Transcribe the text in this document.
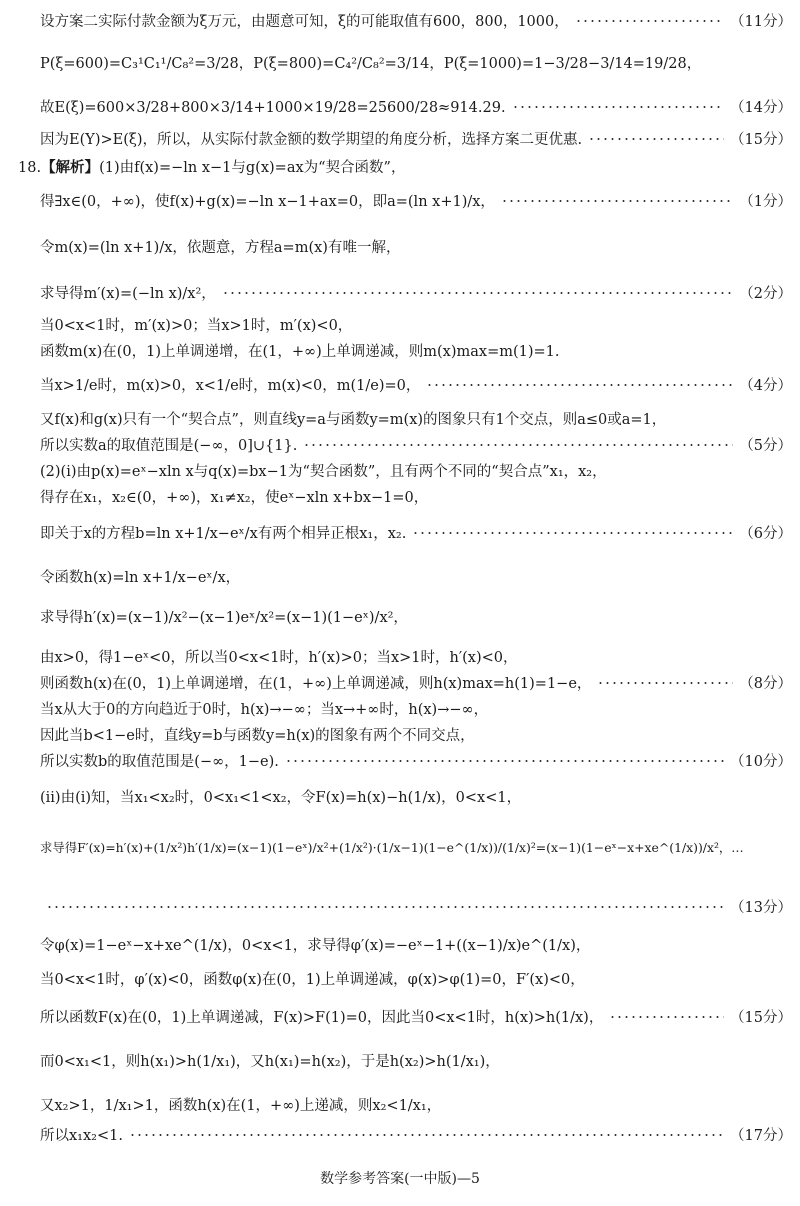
设方案二实际付款金额为ξ万元，由题意可知，ξ的可能取值有600，800，1000，	（11分）
P(ξ=600)=C₃¹C₁¹/C₈²=3/28，P(ξ=800)=C₄²/C₈²=3/14，P(ξ=1000)=1−3/28−3/14=19/28，
故E(ξ)=600×3/28+800×3/14+1000×19/28=25600/28≈914.29.	（14分）
因为E(Y)>E(ξ)，所以，从实际付款金额的数学期望的角度分析，选择方案二更优惠.	（15分）
18.【解析】(1)由f(x)=−ln x−1与g(x)=ax为“契合函数”，
得∃x∈(0，+∞)，使f(x)+g(x)=−ln x−1+ax=0，即a=(ln x+1)/x，	（1分）
令m(x)=(ln x+1)/x，依题意，方程a=m(x)有唯一解，
求导得m′(x)=(−ln x)/x²，	（2分）
当0<x<1时，m′(x)>0；当x>1时，m′(x)<0，
函数m(x)在(0，1)上单调递增，在(1，+∞)上单调递减，则m(x)max=m(1)=1.
当x>1/e时，m(x)>0，x<1/e时，m(x)<0，m(1/e)=0，	（4分）
又f(x)和g(x)只有一个“契合点”，则直线y=a与函数y=m(x)的图象只有1个交点，则a≤0或a=1，
所以实数a的取值范围是(−∞，0]∪{1}.	（5分）
(2)(ⅰ)由p(x)=eˣ−xln x与q(x)=bx−1为“契合函数”，且有两个不同的“契合点”x₁，x₂，
得存在x₁，x₂∈(0，+∞)，x₁≠x₂，使eˣ−xln x+bx−1=0，
即关于x的方程b=ln x+1/x−eˣ/x有两个相异正根x₁，x₂.	（6分）
令函数h(x)=ln x+1/x−eˣ/x，
求导得h′(x)=(x−1)/x²−(x−1)eˣ/x²=(x−1)(1−eˣ)/x²，
由x>0，得1−eˣ<0，所以当0<x<1时，h′(x)>0；当x>1时，h′(x)<0，
则函数h(x)在(0，1)上单调递增，在(1，+∞)上单调递减，则h(x)max=h(1)=1−e，	（8分）
当x从大于0的方向趋近于0时，h(x)→−∞；当x→+∞时，h(x)→−∞，
因此当b<1−e时，直线y=b与函数y=h(x)的图象有两个不同交点，
所以实数b的取值范围是(−∞，1−e).	（10分）
(ⅱ)由(ⅰ)知，当x₁<x₂时，0<x₁<1<x₂，令F(x)=h(x)−h(1/x)，0<x<1，
求导得F′(x)=h′(x)+(1/x²)h′(1/x)=(x−1)(1−eˣ)/x²+(1/x²)·(1/x−1)(1−e^(1/x))/(1/x)²=(x−1)(1−eˣ−x+xe^(1/x))/x²，…
（13分）
令φ(x)=1−eˣ−x+xe^(1/x)，0<x<1，求导得φ′(x)=−eˣ−1+((x−1)/x)e^(1/x)，
当0<x<1时，φ′(x)<0，函数φ(x)在(0，1)上单调递减，φ(x)>φ(1)=0，F′(x)<0，
所以函数F(x)在(0，1)上单调递减，F(x)>F(1)=0，因此当0<x<1时，h(x)>h(1/x)，	（15分）
而0<x₁<1，则h(x₁)>h(1/x₁)，又h(x₁)=h(x₂)，于是h(x₂)>h(1/x₁)，
又x₂>1，1/x₁>1，函数h(x)在(1，+∞)上递减，则x₂<1/x₁，
所以x₁x₂<1.	（17分）
数学参考答案(一中版)—5
